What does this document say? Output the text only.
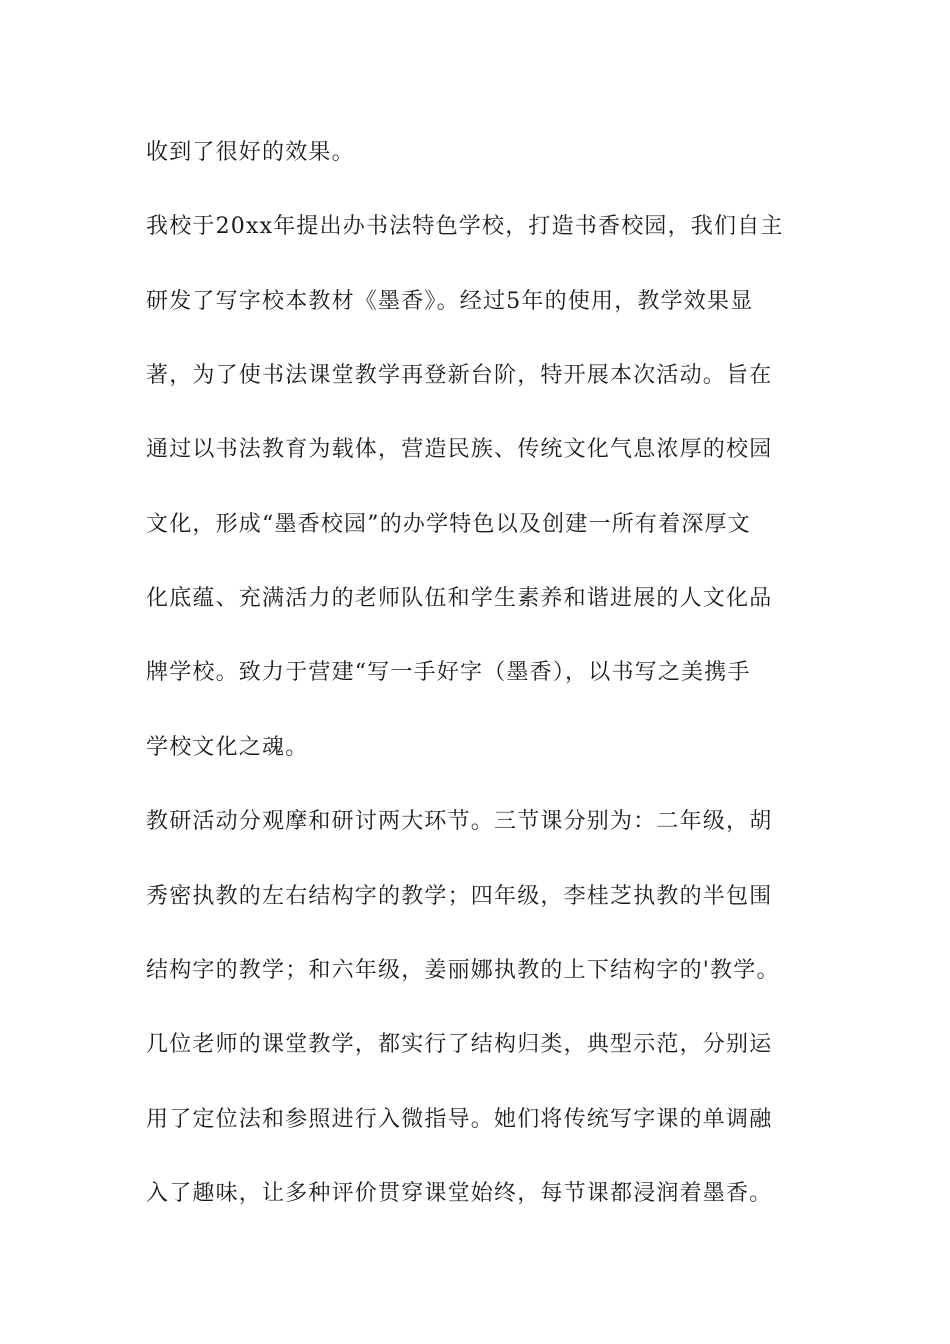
收到了很好的效果。
我校于20xx年提出办书法特色学校，打造书香校园，我们自主
研发了写字校本教材《墨香》。经过5年的使用，教学效果显
著，为了使书法课堂教学再登新台阶，特开展本次活动。旨在
通过以书法教育为载体，营造民族、传统文化气息浓厚的校园
文化，形成“墨香校园”的办学特色以及创建一所有着深厚文
化底蕴、充满活力的老师队伍和学生素养和谐进展的人文化品
牌学校。致力于营建“写一手好字（墨香），以书写之美携手
学校文化之魂。
教研活动分观摩和研讨两大环节。三节课分别为：二年级，胡
秀密执教的左右结构字的教学；四年级，李桂芝执教的半包围
结构字的教学；和六年级，姜丽娜执教的上下结构字的'教学。
几位老师的课堂教学，都实行了结构归类，典型示范，分别运
用了定位法和参照进行入微指导。她们将传统写字课的单调融
入了趣味，让多种评价贯穿课堂始终，每节课都浸润着墨香。
